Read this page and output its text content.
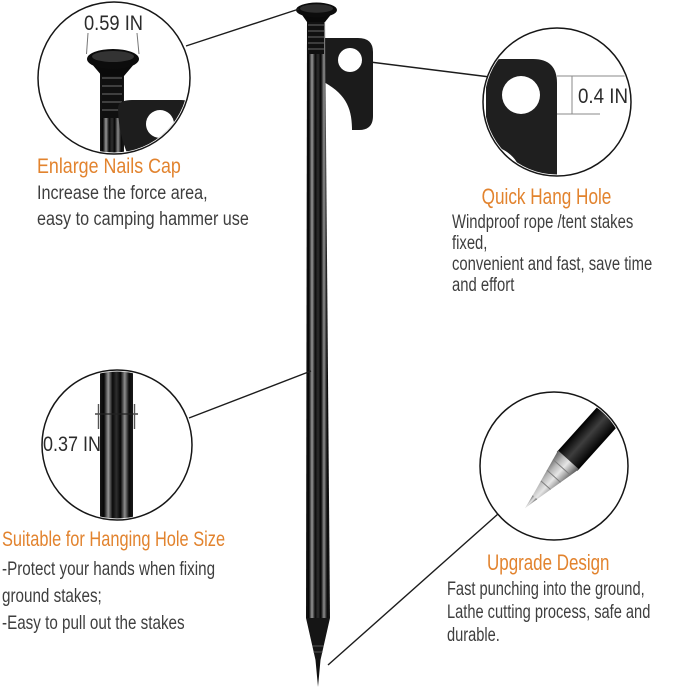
0.59 IN
0.4 IN
0.37 IN
Enlarge Nails Cap
Increase the force area,
easy to camping hammer use
Quick Hang Hole
Windproof rope /tent stakes
fixed,
convenient and fast, save time
and effort
Suitable for Hanging Hole Size
-Protect your hands when fixing
ground stakes;
-Easy to pull out the stakes
Upgrade Design
Fast punching into the ground,
Lathe cutting process, safe and
durable.
